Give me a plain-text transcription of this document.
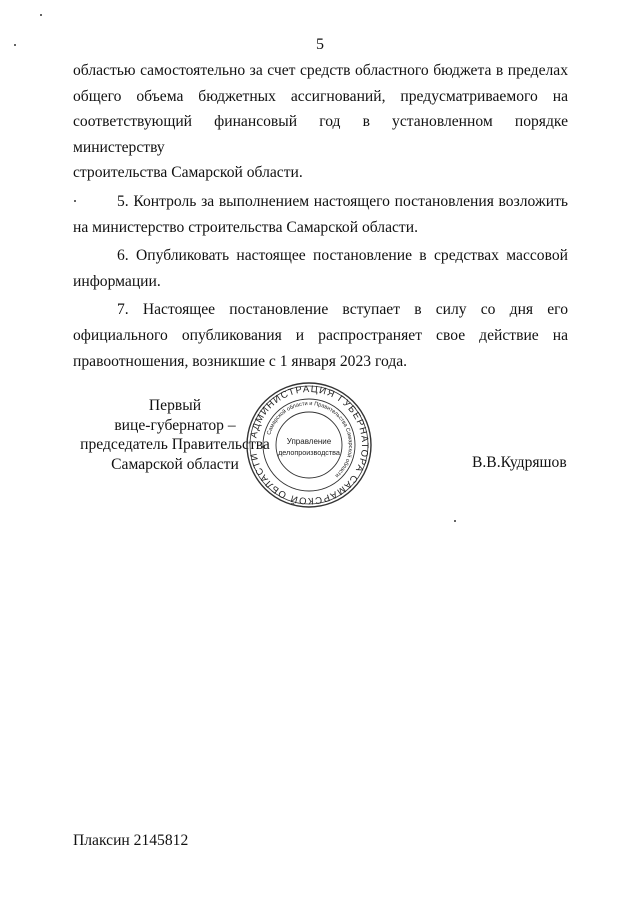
5
областью самостоятельно за счет средств областного бюджета в пределах
общего объема бюджетных ассигнований, предусматриваемого на
соответствующий финансовый год в установленном порядке министерству
строительства Самарской области.
5. Контроль за выполнением настоящего постановления возложить
на министерство строительства Самарской области.
6. Опубликовать настоящее постановление в средствах массовой
информации.
7. Настоящее постановление вступает в силу со дня его
официального опубликования и распространяет свое действие на
правоотношения, возникшие с 1 января 2023 года.
Первый
вице-губернатор –
председатель Правительства
Самарской области
АДМИНИСТРАЦИЯ ГУБЕРНАТОРА САМАРСКОЙ ОБЛАСТИ
Самарской области и Правительства Самарской области
Управление
делопроизводства
В.В.Кудряшов
Плаксин 2145812
